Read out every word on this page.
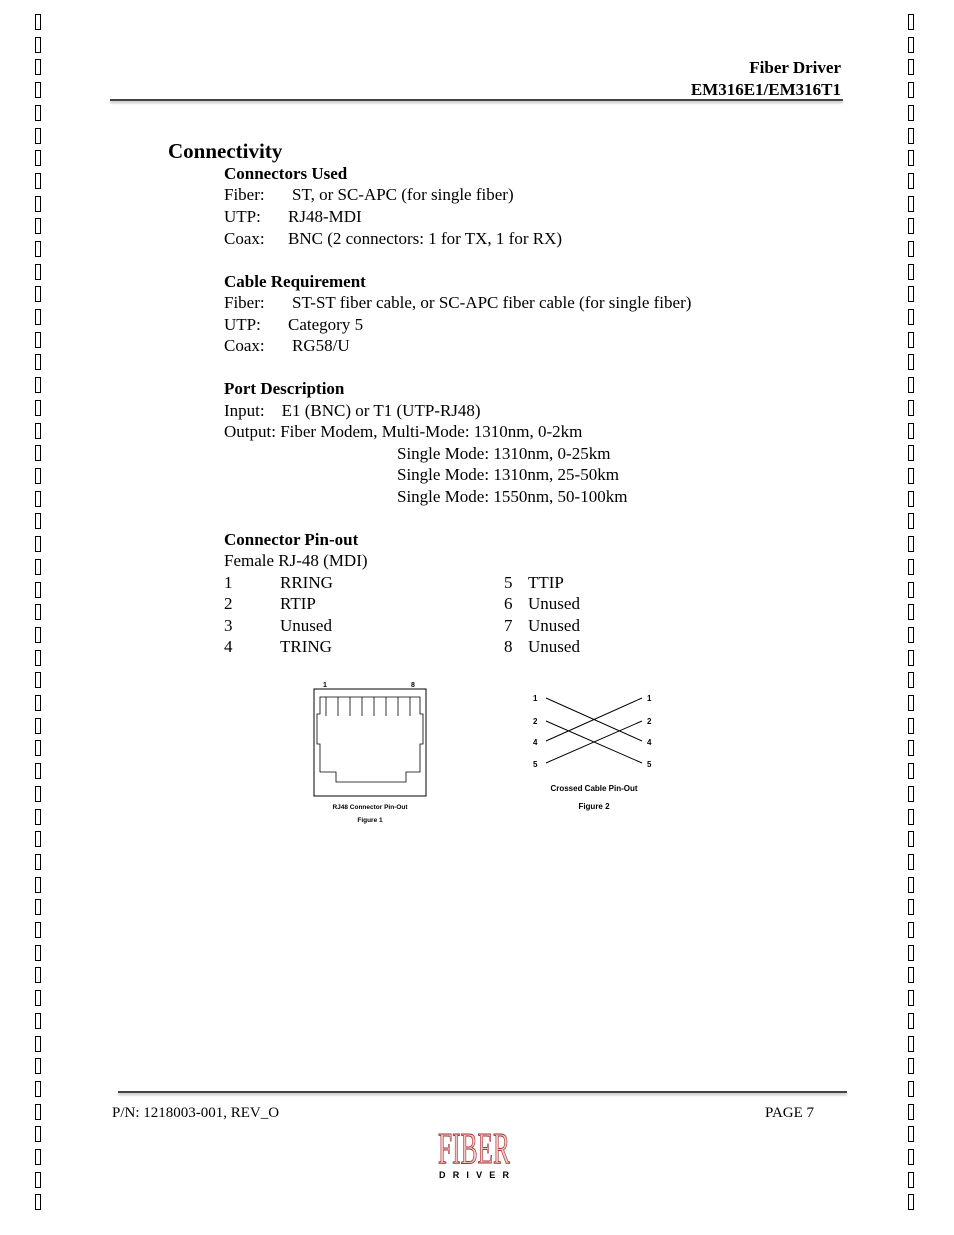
Fiber Driver
EM316E1/EM316T1
Connectivity
Connectors Used
Fiber: ST, or SC-APC (for single fiber)
UTP: RJ48-MDI
Coax: BNC (2 connectors: 1 for TX, 1 for RX)
Cable Requirement
Fiber: ST-ST fiber cable, or SC-APC fiber cable (for single fiber)
UTP: Category 5
Coax: RG58/U
Port Description
Input:    E1 (BNC) or T1 (UTP-RJ48)
Output: Fiber Modem, Multi-Mode: 1310nm, 0-2km
Single Mode: 1310nm, 0-25km
Single Mode: 1310nm, 25-50km
Single Mode: 1550nm, 50-100km
Connector Pin-out
Female RJ-48 (MDI)
1	RRING	5 TTIP
2	RTIP	6 Unused
3	Unused	7 Unused
4	TRING	8 Unused
1	8
RJ48 Connector Pin-Out
Figure 1
1
2
4
5
1
2
4
5
Crossed Cable Pin-Out
Figure 2
P/N: 1218003-001, REV_O	PAGE 7
FIBER
D R I V E R
